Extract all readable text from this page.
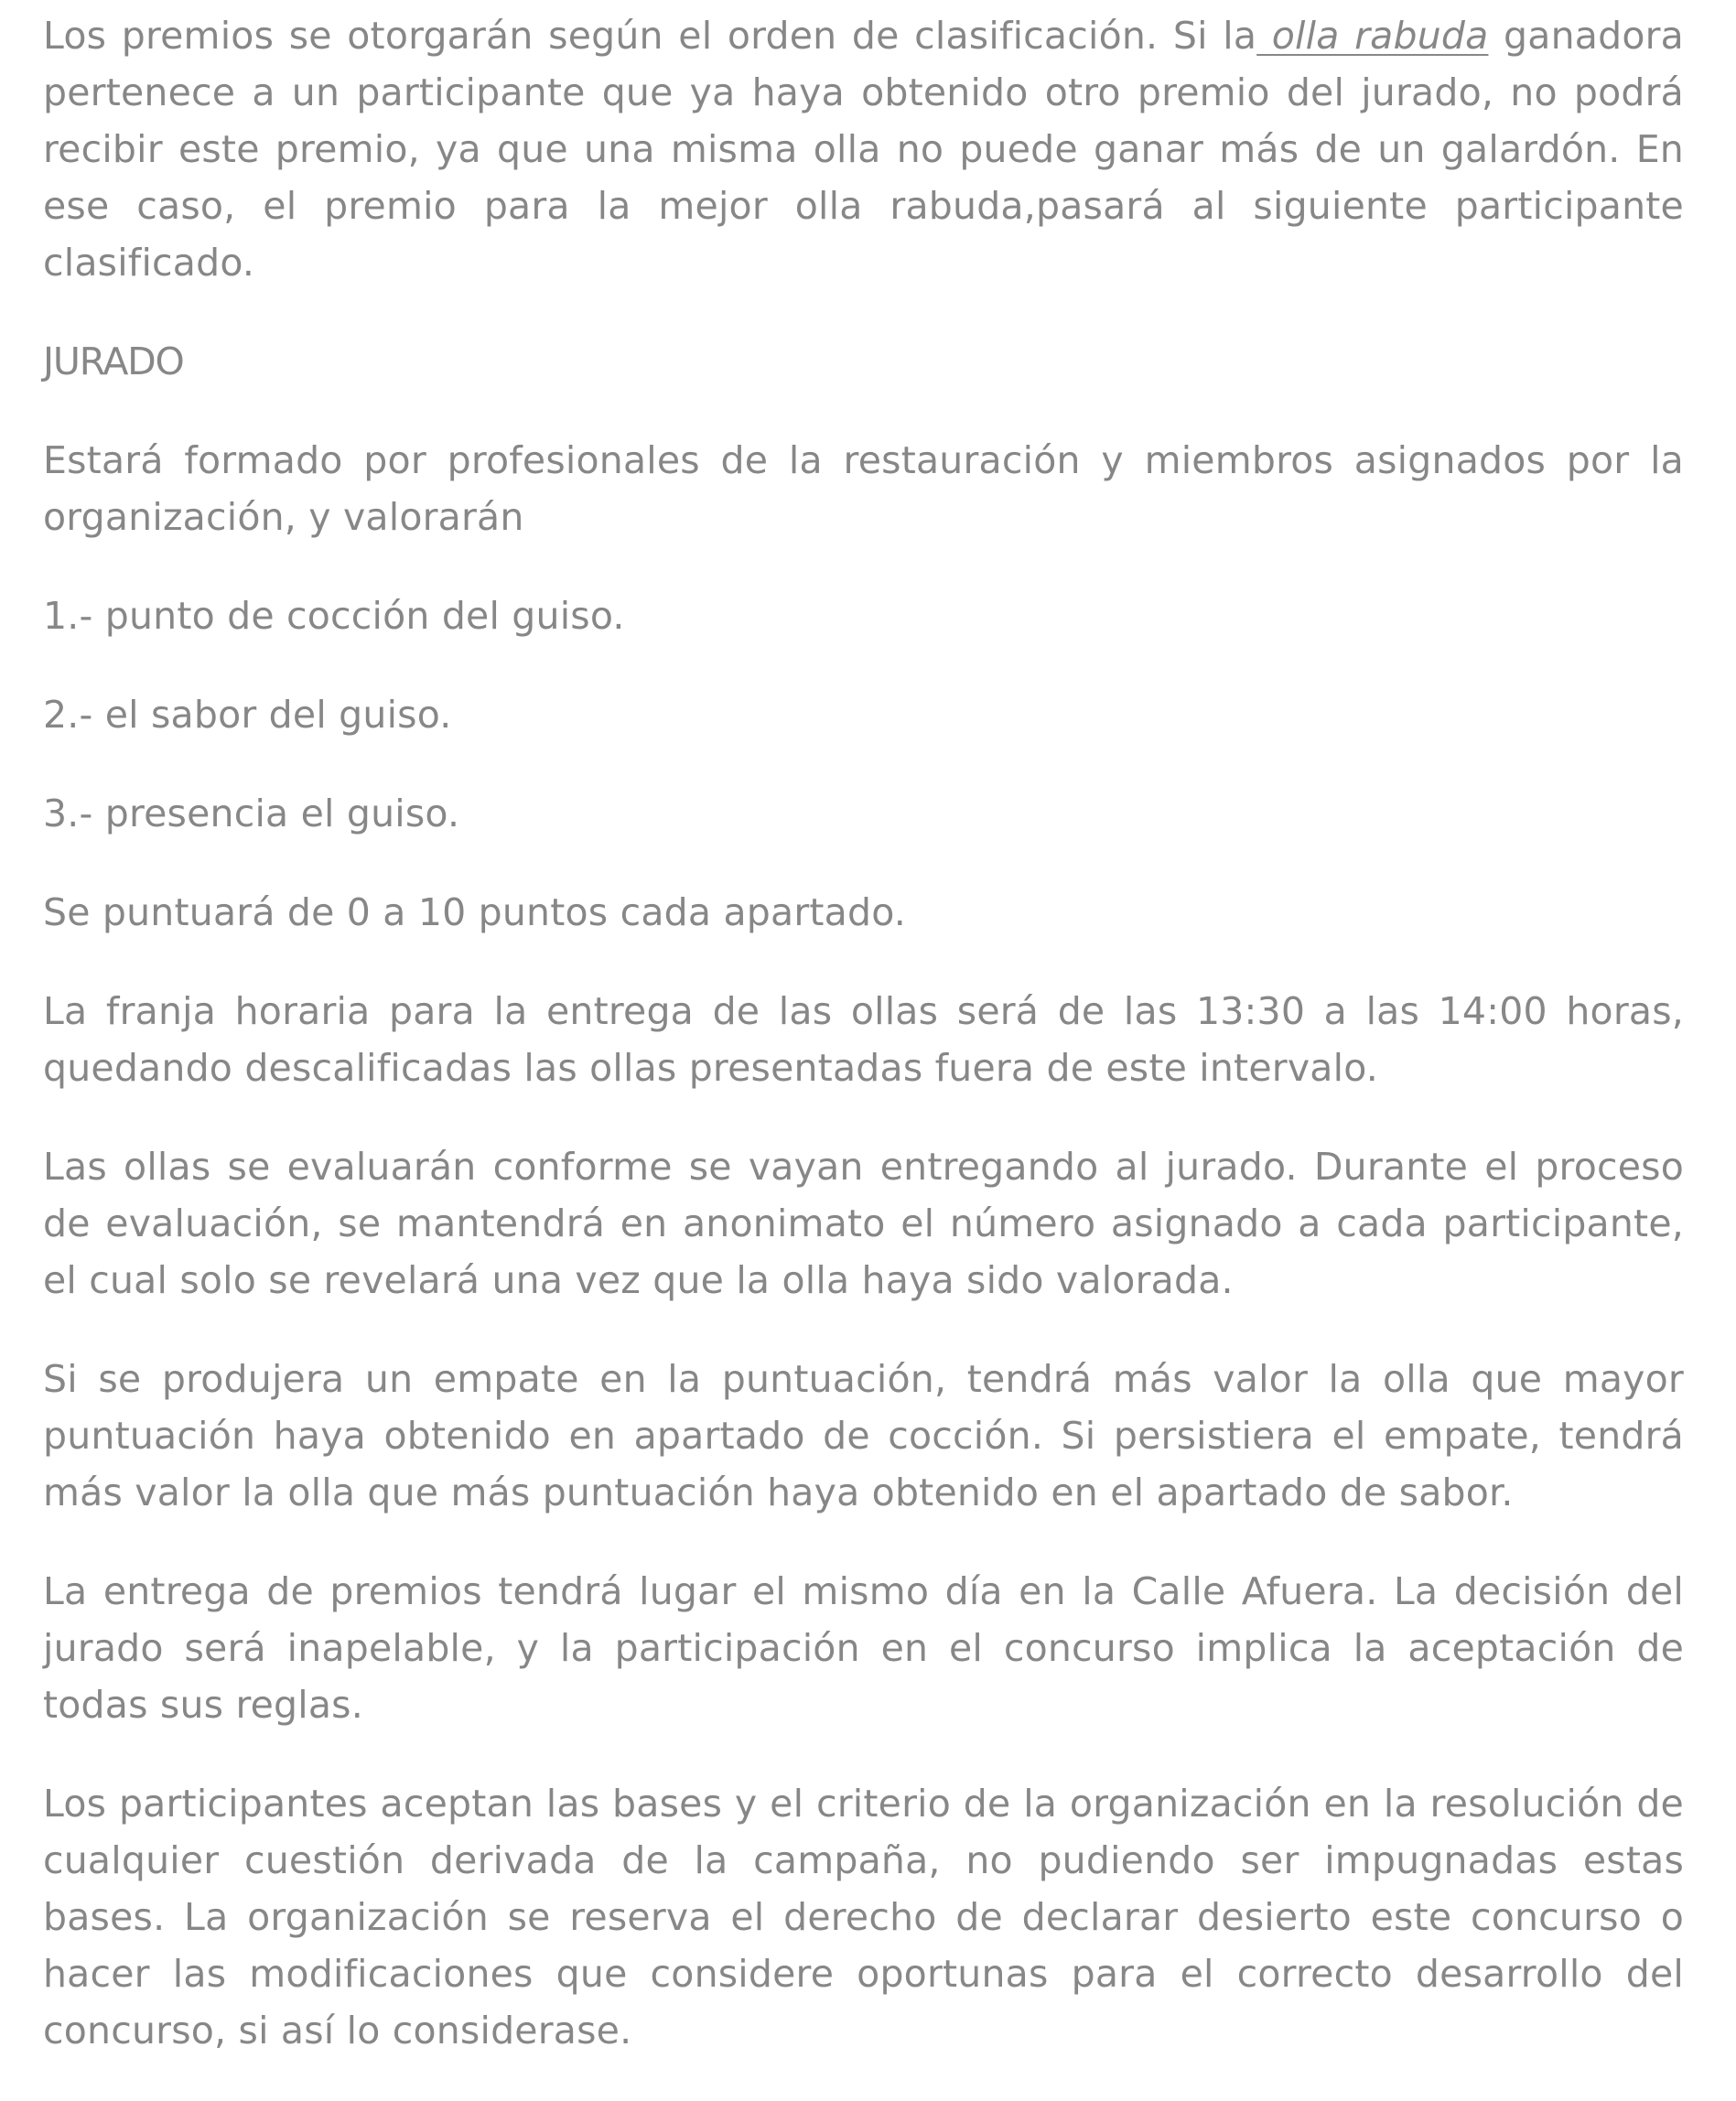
Los premios se otorgarán según el orden de clasificación. Si la olla rabuda ganadora pertenece a un participante que ya haya obtenido otro premio del jurado, no podrá recibir este premio, ya que una misma olla no puede ganar más de un galardón. En ese caso, el premio para la mejor olla rabuda,pasará al siguiente participante clasificado.

JURADO

Estará formado por profesionales de la restauración y miembros asignados por la organización, y valorarán

1.- punto de cocción del guiso.
2.- el sabor del guiso.
3.- presencia el guiso.

Se puntuará de 0 a 10 puntos cada apartado.

La franja horaria para la entrega de las ollas será de las 13:30 a las 14:00 horas, quedando descalificadas las ollas presentadas fuera de este intervalo.

Las ollas se evaluarán conforme se vayan entregando al jurado. Durante el proceso de evaluación, se mantendrá en anonimato el número asignado a cada participante, el cual solo se revelará una vez que la olla haya sido valorada.

Si se produjera un empate en la puntuación, tendrá más valor la olla que mayor puntuación haya obtenido en apartado de cocción. Si persistiera el empate, tendrá más valor la olla que más puntuación haya obtenido en el apartado de sabor.

La entrega de premios tendrá lugar el mismo día en la Calle Afuera. La decisión del jurado será inapelable, y la participación en el concurso implica la aceptación de todas sus reglas.

Los participantes aceptan las bases y el criterio de la organización en la resolución de cualquier cuestión derivada de la campaña, no pudiendo ser impugnadas estas bases. La organización se reserva el derecho de declarar desierto este concurso o hacer las modificaciones que considere oportunas para el correcto desarrollo del concurso, si así lo considerase.
